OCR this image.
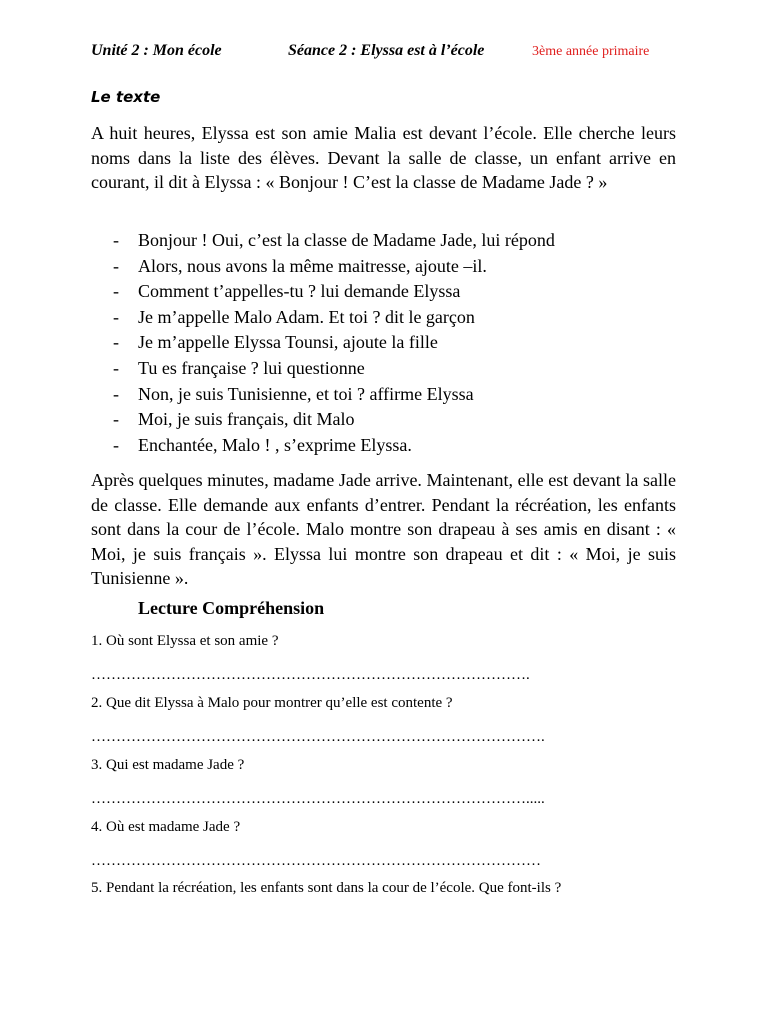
Unité 2 : Mon école	Séance 2 : Elyssa est à l’école	3ème année primaire
Le texte

A huit heures, Elyssa est son amie Malia est devant l’école. Elle cherche leurs noms dans la liste des élèves. Devant la salle de classe, un enfant arrive en courant, il dit à Elyssa : « Bonjour ! C’est la classe de Madame Jade ? »

- Bonjour ! Oui, c’est la classe de Madame Jade, lui répond
- Alors, nous avons la même maitresse, ajoute –il.
- Comment t’appelles-tu ? lui demande Elyssa
- Je m’appelle Malo Adam. Et toi ? dit le garçon
- Je m’appelle Elyssa Tounsi, ajoute la fille
- Tu es française ? lui questionne
- Non, je suis Tunisienne, et toi ? affirme Elyssa
- Moi, je suis français, dit Malo
- Enchantée, Malo ! , s’exprime Elyssa.

Après quelques minutes, madame Jade arrive. Maintenant, elle est devant la salle de classe. Elle demande aux enfants d’entrer. Pendant la récréation, les enfants sont dans la cour de l’école. Malo montre son drapeau à ses amis en disant : « Moi, je suis français ». Elyssa lui montre son drapeau et dit : « Moi, je suis Tunisienne ».

Lecture Compréhension
1. Où sont Elyssa et son amie ?
…………………………………………………………………………….
2. Que dit Elyssa à Malo pour montrer qu’elle est contente ?
……………………………………………………………………………….
3. Qui est madame Jade ?
…………………………………………………………………………….....
4. Où est madame Jade ?
………………………………………………………………………………
5. Pendant la récréation, les enfants sont dans la cour de l’école. Que font-ils ?
